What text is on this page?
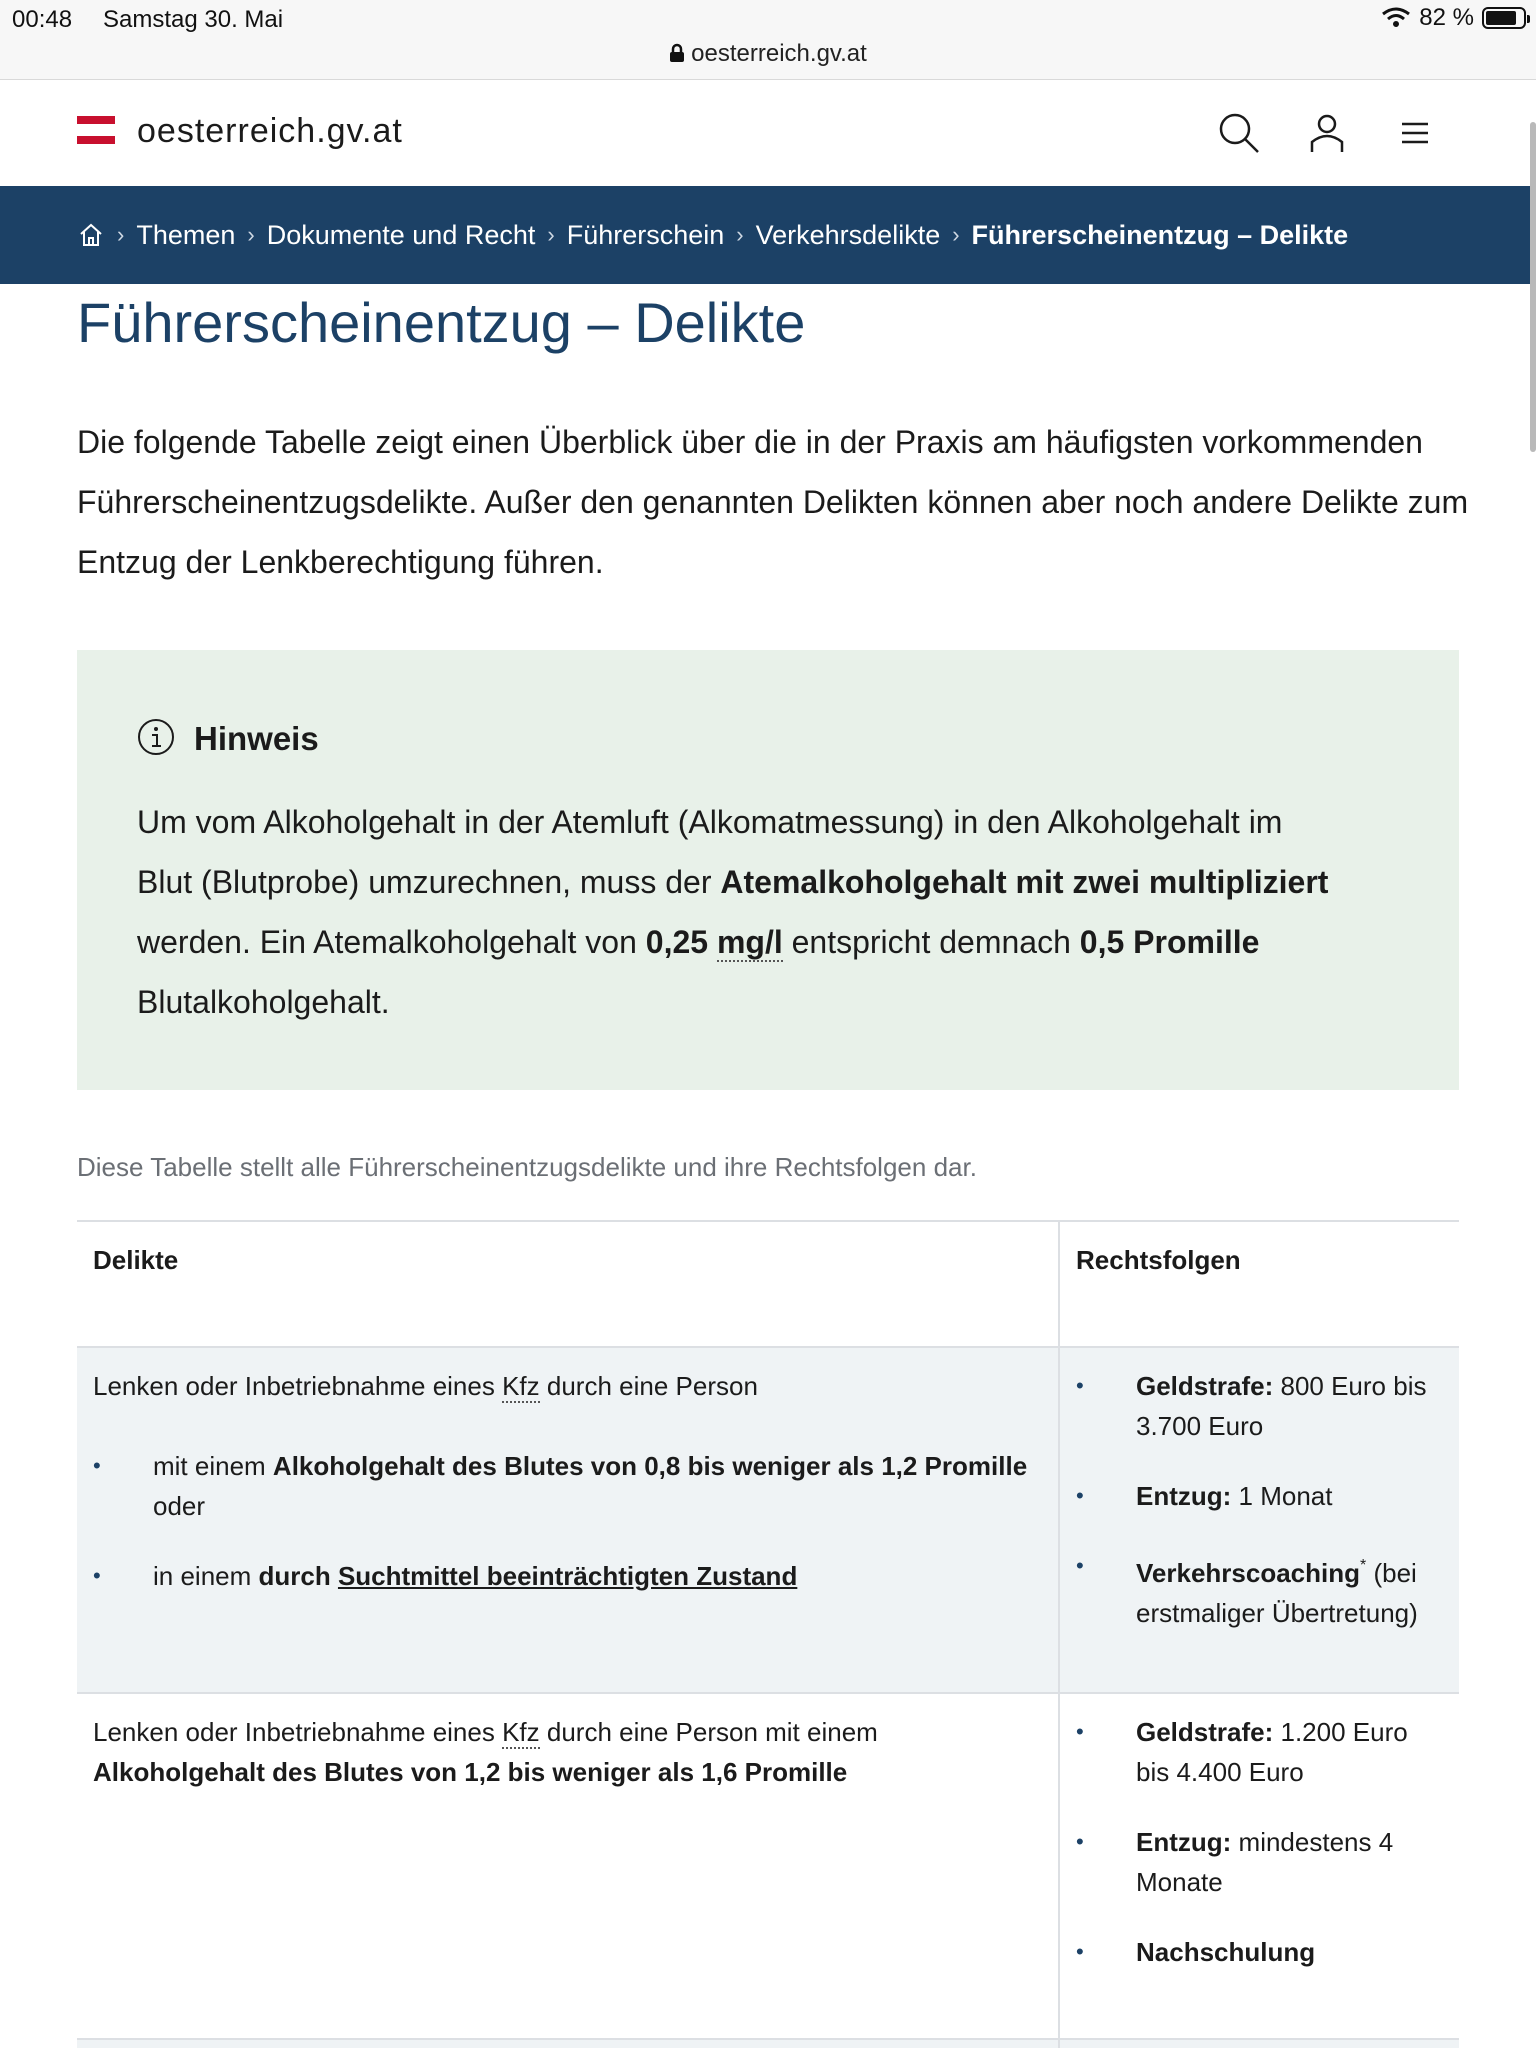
00:48 Samstag 30. Mai	82 %
oesterreich.gv.at
oesterreich.gv.at
› Themen › Dokumente und Recht › Führerschein › Verkehrsdelikte › Führerscheinentzug – Delikte
Führerscheinentzug – Delikte

Die folgende Tabelle zeigt einen Überblick über die in der Praxis am häufigsten vorkommenden Führerscheinentzugsdelikte. Außer den genannten Delikten können aber noch andere Delikte zum Entzug der Lenkberechtigung führen.

Hinweis

Um vom Alkoholgehalt in der Atemluft (Alkomatmessung) in den Alkoholgehalt im Blut (Blutprobe) umzurechnen, muss der Atemalkoholgehalt mit zwei multipliziert werden. Ein Atemalkoholgehalt von 0,25 mg/l entspricht demnach 0,5 Promille Blutalkoholgehalt.

Diese Tabelle stellt alle Führerscheinentzugsdelikte und ihre Rechtsfolgen dar.
Delikte	Rechtsfolgen
Lenken oder Inbetriebnahme eines Kfz durch eine Person
• mit einem Alkoholgehalt des Blutes von 0,8 bis weniger als 1,2 Promille oder
• in einem durch Suchtmittel beeinträchtigten Zustand
• Geldstrafe: 800 Euro bis 3.700 Euro
• Entzug: 1 Monat
• Verkehrscoaching* (bei erstmaliger Übertretung)
Lenken oder Inbetriebnahme eines Kfz durch eine Person mit einem
Alkoholgehalt des Blutes von 1,2 bis weniger als 1,6 Promille
• Geldstrafe: 1.200 Euro bis 4.400 Euro
• Entzug: mindestens 4 Monate
• Nachschulung
